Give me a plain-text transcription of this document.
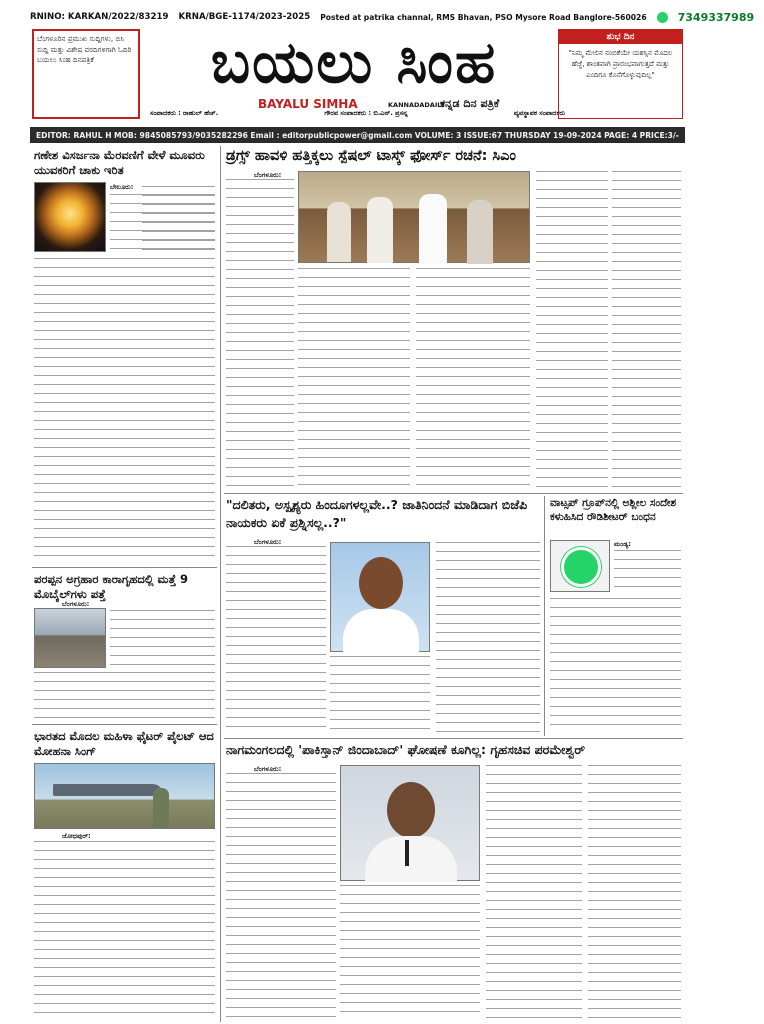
RNINO: KARKAN/2022/83219 KRNA/BGE-1174/2023-2025 Posted at patrika channal, RMS Bhavan, PSO Mysore Road Banglore-560026	7349337989
ಬೆಂಗಳೂರಿನ ಪ್ರಮುಖ ಸುದ್ದಿಗಳು, ಬಿಸಿ ಸುದ್ದಿ ಮತ್ತು ವಿಶೇಷ ವರದಿಗಳಿಗಾಗಿ ಓದಿರಿ ಬಯಲು ಸಿಂಹ ದಿನಪತ್ರಿಕೆ	ಬಯಲು ಸಿಂಹ
BAYALU SIMHA	KANNADADAILY
ಕನ್ನಡ ದಿನ ಪತ್ರಿಕೆ
ಸಂಪಾದಕರು : ರಾಹುಲ್ ಹೆಚ್.	ಗೌರವ ಸಂಪಾದಕರು : ಬಿ.ಎನ್. ಪ್ರಸನ್ನ	ವ್ಯವಸ್ಥಾಪಕ ಸಂಪಾದಕರು
ಶುಭ ದಿನ
"ನಿಮ್ಮ ಮೇಲಿನ ನಂಬಿಕೆಯೇ ಯಶಸ್ಸಿನ ಮೊದಲ ಹೆಜ್ಜೆ, ಶಾಂತವಾಗಿ ಪ್ರಾರಂಭವಾಗುತ್ತದೆ ಮತ್ತು ಎಂದಿಗೂ ಕೊನೆಗೊಳ್ಳುವುದಿಲ್ಲ"
EDITOR: RAHUL H MOB: 9845085793/9035282296 Email : editorpublicpower@gmail.com VOLUME: 3 ISSUE:67 THURSDAY 19-09-2024 PAGE: 4 PRICE:3/-
ಗಣೇಶ ವಿಸರ್ಜನಾ ಮೆರವಣಿಗೆ ವೇಳೆ ಮೂವರು ಯುವಕರಿಗೆ ಚಾಕು ಇರಿತ
ಬೇಲೂರು:
ಪರಪ್ಪನ ಅಗ್ರಹಾರ ಕಾರಾಗೃಹದಲ್ಲಿ ಮತ್ತೆ 9 ಮೊಬೈಲ್‌ಗಳು ಪತ್ತೆ
ಬೆಂಗಳೂರು:
ಭಾರತದ ಮೊದಲ ಮಹಿಳಾ ಫೈಟರ್ ಪೈಲಟ್ ಆದ ಮೋಹನಾ ಸಿಂಗ್
ಜೋಧಪುರ್:
ಡ್ರಗ್ಸ್ ಹಾವಳಿ ಹತ್ತಿಕ್ಕಲು ಸ್ಪೆಷಲ್ ಟಾಸ್ಕ್ ಫೋರ್ಸ್ ರಚನೆ: ಸಿಎಂ
ಬೆಂಗಳೂರು:
"ದಲಿತರು, ಅಸ್ಪೃಶ್ಯರು ಹಿಂದೂಗಳಲ್ಲವೇ..? ಜಾತಿನಿಂದನೆ ಮಾಡಿದಾಗ ಬಿಜೆಪಿ ನಾಯಕರು ಏಕೆ ಪ್ರಶ್ನಿಸಲ್ಲ..?"
ಬೆಂಗಳೂರು:
ವಾಟ್ಸಪ್ ಗ್ರೂಪ್‌ನಲ್ಲಿ ಅಶ್ಲೀಲ ಸಂದೇಶ ಕಳುಹಿಸಿದ ರೌಡಿಶೀಟರ್ ಬಂಧನ
ಮಂಡ್ಯ:
ನಾಗಮಂಗಲದಲ್ಲಿ 'ಪಾಕಿಸ್ತಾನ್ ಜಿಂದಾಬಾದ್' ಘೋಷಣೆ ಕೂಗಿಲ್ಲ: ಗೃಹಸಚಿವ ಪರಮೇಶ್ವರ್
ಬೆಂಗಳೂರು:
